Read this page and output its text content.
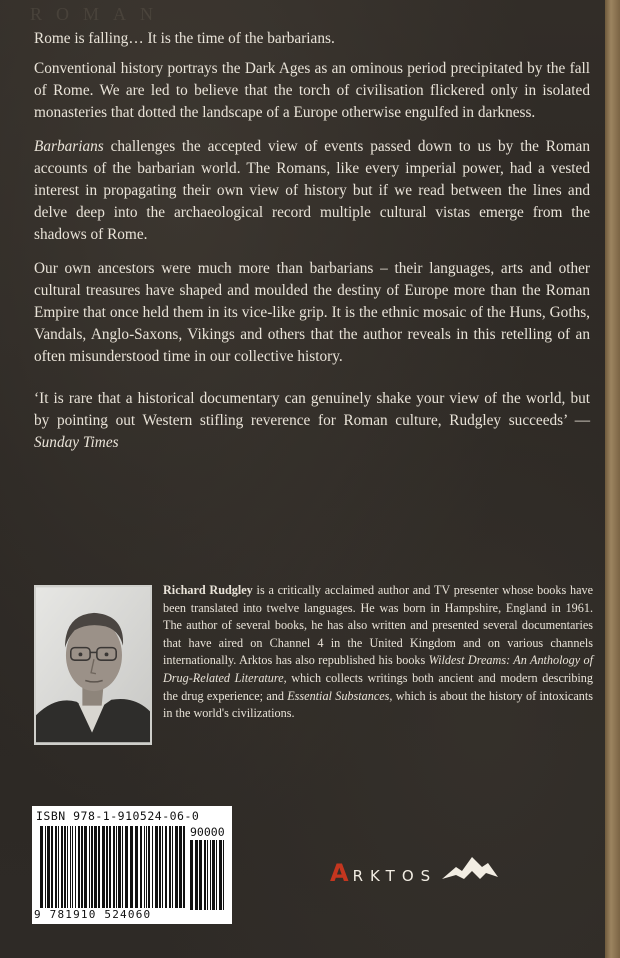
ROMAN

Rome is falling… It is the time of the barbarians.

Conventional history portrays the Dark Ages as an ominous period precipitated by the fall of Rome. We are led to believe that the torch of civilisation flickered only in isolated monasteries that dotted the landscape of a Europe otherwise engulfed in darkness.

Barbarians challenges the accepted view of events passed down to us by the Roman accounts of the barbarian world. The Romans, like every imperial power, had a vested interest in propagating their own view of history but if we read between the lines and delve deep into the archaeological record multiple cultural vistas emerge from the shadows of Rome.

Our own ancestors were much more than barbarians – their languages, arts and other cultural treasures have shaped and moulded the destiny of Europe more than the Roman Empire that once held them in its vice-like grip. It is the ethnic mosaic of the Huns, Goths, Vandals, Anglo-Saxons, Vikings and others that the author reveals in this retelling of an often misunderstood time in our collective history.

‘It is rare that a historical documentary can genuinely shake your view of the world, but by pointing out Western stifling reverence for Roman culture, Rudgley succeeds’ — Sunday Times

Richard Rudgley is a critically acclaimed author and TV presenter whose books have been translated into twelve languages. He was born in Hampshire, England in 1961. The author of several books, he has also written and presented several documentaries that have aired on Channel 4 in the United Kingdom and on various channels internationally. Arktos has also republished his books Wildest Dreams: An Anthology of Drug-Related Literature, which collects writings both ancient and modern describing the drug experience; and Essential Substances, which is about the history of intoxicants in the world's civilizations.
ISBN 978-1-910524-06-0
90000
9 781910 524060
ARKTOS
